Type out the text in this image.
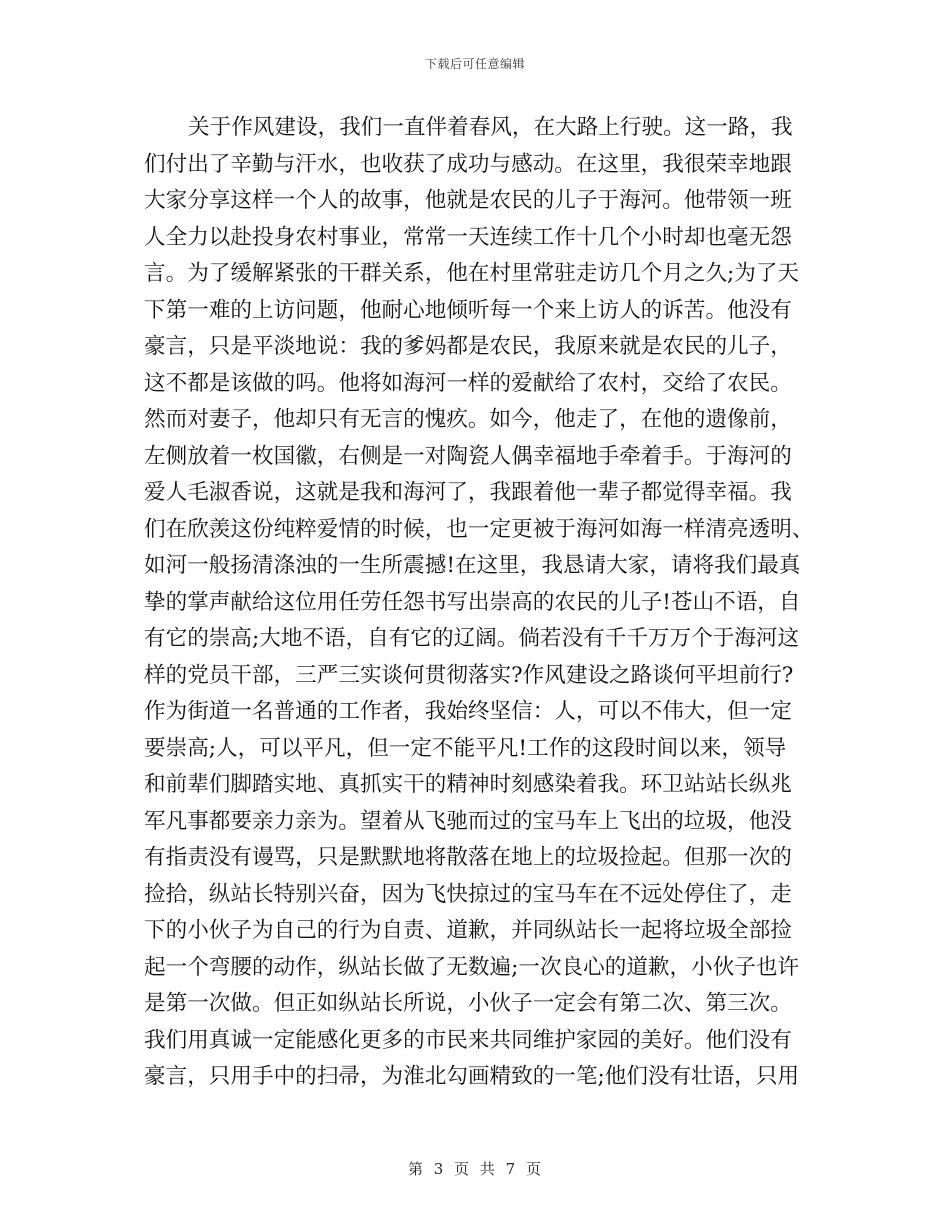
下载后可任意编辑
关于作风建设，我们一直伴着春风，在大路上行驶。这一路，我
们付出了辛勤与汗水，也收获了成功与感动。在这里，我很荣幸地跟
大家分享这样一个人的故事，他就是农民的儿子于海河。他带领一班
人全力以赴投身农村事业，常常一天连续工作十几个小时却也毫无怨
言。为了缓解紧张的干群关系，他在村里常驻走访几个月之久;为了天
下第一难的上访问题，他耐心地倾听每一个来上访人的诉苦。他没有
豪言，只是平淡地说：我的爹妈都是农民，我原来就是农民的儿子，
这不都是该做的吗。他将如海河一样的爱献给了农村，交给了农民。
然而对妻子，他却只有无言的愧疚。如今，他走了，在他的遗像前，
左侧放着一枚国徽，右侧是一对陶瓷人偶幸福地手牵着手。于海河的
爱人毛淑香说，这就是我和海河了，我跟着他一辈子都觉得幸福。我
们在欣羡这份纯粹爱情的时候，也一定更被于海河如海一样清亮透明、
如河一般扬清涤浊的一生所震撼!在这里，我恳请大家，请将我们最真
挚的掌声献给这位用任劳任怨书写出崇高的农民的儿子!苍山不语，自
有它的崇高;大地不语，自有它的辽阔。倘若没有千千万万个于海河这
样的党员干部，三严三实谈何贯彻落实?作风建设之路谈何平坦前行?
作为街道一名普通的工作者，我始终坚信：人，可以不伟大，但一定
要崇高;人，可以平凡，但一定不能平凡!工作的这段时间以来，领导
和前辈们脚踏实地、真抓实干的精神时刻感染着我。环卫站站长纵兆
军凡事都要亲力亲为。望着从飞驰而过的宝马车上飞出的垃圾，他没
有指责没有谩骂，只是默默地将散落在地上的垃圾捡起。但那一次的
捡拾，纵站长特别兴奋，因为飞快掠过的宝马车在不远处停住了，走
下的小伙子为自己的行为自责、道歉，并同纵站长一起将垃圾全部捡
起一个弯腰的动作，纵站长做了无数遍;一次良心的道歉，小伙子也许
是第一次做。但正如纵站长所说，小伙子一定会有第二次、第三次。
我们用真诚一定能感化更多的市民来共同维护家园的美好。他们没有
豪言，只用手中的扫帚，为淮北勾画精致的一笔;他们没有壮语，只用
第 3 页 共 7 页
